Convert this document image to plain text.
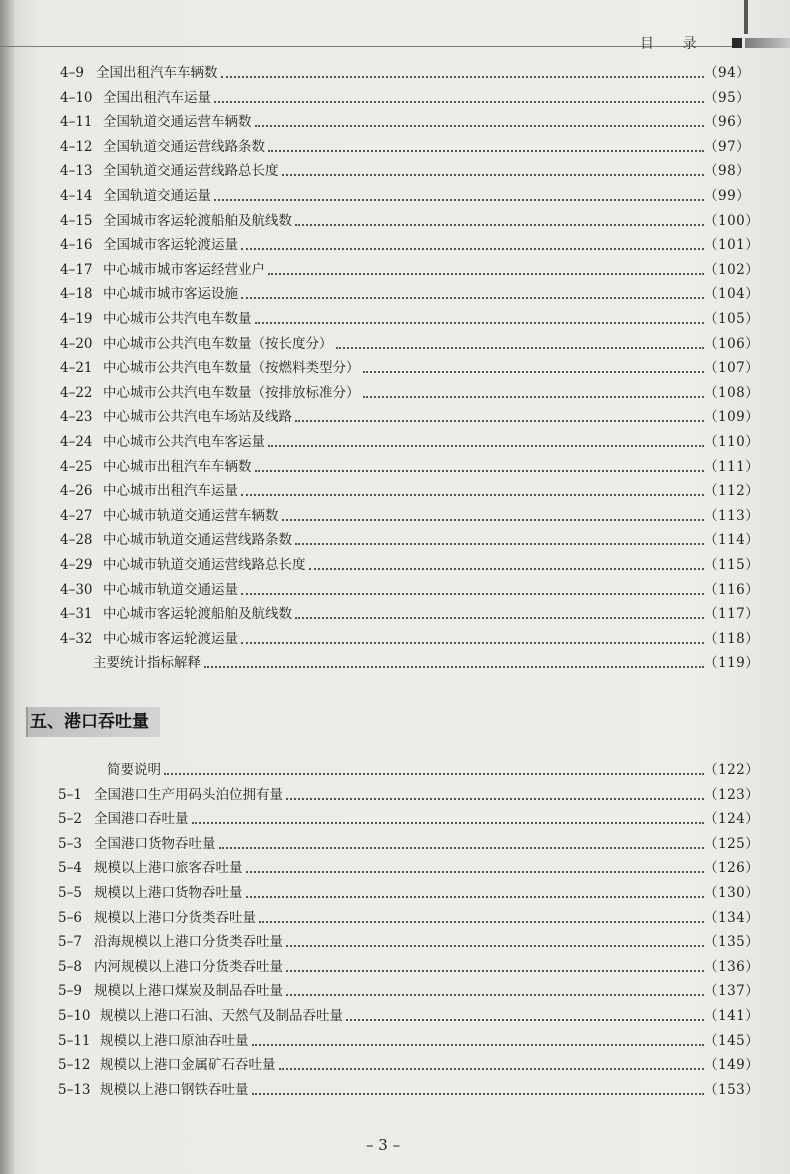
目 录
4–9 全国出租汽车车辆数	（94）
4–10 全国出租汽车运量	（95）
4–11 全国轨道交通运营车辆数	（96）
4–12 全国轨道交通运营线路条数	（97）
4–13 全国轨道交通运营线路总长度	（98）
4–14 全国轨道交通运量	（99）
4–15 全国城市客运轮渡船舶及航线数	（100）
4–16 全国城市客运轮渡运量	（101）
4–17 中心城市城市客运经营业户	（102）
4–18 中心城市城市客运设施	（104）
4–19 中心城市公共汽电车数量	（105）
4–20 中心城市公共汽电车数量（按长度分）	（106）
4–21 中心城市公共汽电车数量（按燃料类型分）	（107）
4–22 中心城市公共汽电车数量（按排放标准分）	（108）
4–23 中心城市公共汽电车场站及线路	（109）
4–24 中心城市公共汽电车客运量	（110）
4–25 中心城市出租汽车车辆数	（111）
4–26 中心城市出租汽车运量	（112）
4–27 中心城市轨道交通运营车辆数	（113）
4–28 中心城市轨道交通运营线路条数	（114）
4–29 中心城市轨道交通运营线路总长度	（115）
4–30 中心城市轨道交通运量	（116）
4–31 中心城市客运轮渡船舶及航线数	（117）
4–32 中心城市客运轮渡运量	（118）
主要统计指标解释	（119）
简要说明	（122）
5–1 全国港口生产用码头泊位拥有量	（123）
5–2 全国港口吞吐量	（124）
5–3 全国港口货物吞吐量	（125）
5–4 规模以上港口旅客吞吐量	（126）
5–5 规模以上港口货物吞吐量	（130）
5–6 规模以上港口分货类吞吐量	（134）
5–7 沿海规模以上港口分货类吞吐量	（135）
5–8 内河规模以上港口分货类吞吐量	（136）
5–9 规模以上港口煤炭及制品吞吐量	（137）
5–10 规模以上港口石油、天然气及制品吞吐量	（141）
5–11 规模以上港口原油吞吐量	（145）
5–12 规模以上港口金属矿石吞吐量	（149）
5–13 规模以上港口钢铁吞吐量	（153）
五、港口吞吐量
– 3 –
